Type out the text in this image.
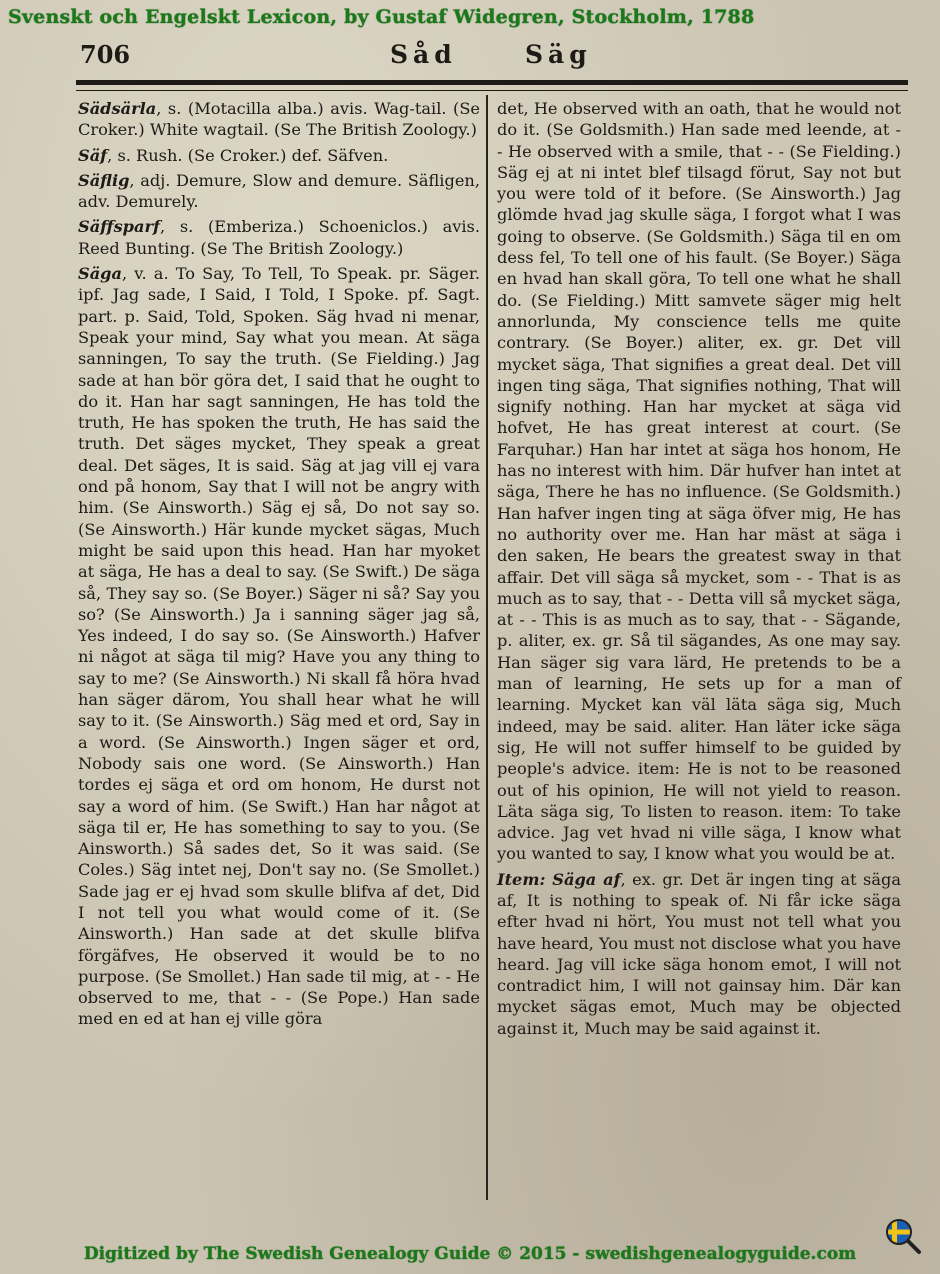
Svenskt och Engelskt Lexicon, by Gustaf Widegren, Stockholm, 1788
706	Såd	Säg

Sädsärla, s. (Motacilla alba.) avis. Wag-tail. (Se Croker.) White wagtail. (Se The British Zoology.)

Säf, s. Rush. (Se Croker.) def. Säfven.

Säflig, adj. Demure, Slow and demure. Säfligen, adv. Demurely.

Säffsparf, s. (Emberiza.) Schoeniclos.) avis. Reed Bunting. (Se The British Zoology.)

Säga, v. a. To Say, To Tell, To Speak. pr. Säger. ipf. Jag sade, I Said, I Told, I Spoke. pf. Sagt. part. p. Said, Told, Spoken. Säg hvad ni menar, Speak your mind, Say what you mean. At säga sanningen, To say the truth. (Se Fielding.) Jag sade at han bör göra det, I said that he ought to do it. Han har sagt sanningen, He has told the truth, He has spoken the truth, He has said the truth. Det säges mycket, They speak a great deal. Det säges, It is said. Säg at jag vill ej vara ond på honom, Say that I will not be angry with him. (Se Ainsworth.) Säg ej så, Do not say so. (Se Ainsworth.) Här kunde mycket sägas, Much might be said upon this head. Han har myoket at säga, He has a deal to say. (Se Swift.) De säga så, They say so. (Se Boyer.) Säger ni så? Say you so? (Se Ainsworth.) Ja i sanning säger jag så, Yes indeed, I do say so. (Se Ainsworth.) Hafver ni något at säga til mig? Have you any thing to say to me? (Se Ainsworth.) Ni skall få höra hvad han säger därom, You shall hear what he will say to it. (Se Ainsworth.) Säg med et ord, Say in a word. (Se Ainsworth.) Ingen säger et ord, Nobody sais one word. (Se Ainsworth.) Han tordes ej säga et ord om honom, He durst not say a word of him. (Se Swift.) Han har något at säga til er, He has something to say to you. (Se Ainsworth.) Så sades det, So it was said. (Se Coles.) Säg intet nej, Don't say no. (Se Smollet.) Sade jag er ej hvad som skulle blifva af det, Did I not tell you what would come of it. (Se Ainsworth.) Han sade at det skulle blifva förgäfves, He observed it would be to no purpose. (Se Smollet.) Han sade til mig, at - - He observed to me, that - - (Se Pope.) Han sade med en ed at han ej ville göra

det, He observed with an oath, that he would not do it. (Se Goldsmith.) Han sade med leende, at - - He observed with a smile, that - - (Se Fielding.) Säg ej at ni intet blef tilsagd förut, Say not but you were told of it before. (Se Ainsworth.) Jag glömde hvad jag skulle säga, I forgot what I was going to observe. (Se Goldsmith.) Säga til en om dess fel, To tell one of his fault. (Se Boyer.) Säga en hvad han skall göra, To tell one what he shall do. (Se Fielding.) Mitt samvete säger mig helt annorlunda, My conscience tells me quite contrary. (Se Boyer.) aliter, ex. gr. Det vill mycket säga, That signifies a great deal. Det vill ingen ting säga, That signifies nothing, That will signify nothing. Han har mycket at säga vid hofvet, He has great interest at court. (Se Farquhar.) Han har intet at säga hos honom, He has no interest with him. Där hufver han intet at säga, There he has no influence. (Se Goldsmith.) Han hafver ingen ting at säga öfver mig, He has no authority over me. Han har mäst at säga i den saken, He bears the greatest sway in that affair. Det vill säga så mycket, som - - That is as much as to say, that - - Detta vill så mycket säga, at - - This is as much as to say, that - - Sägande, p. aliter, ex. gr. Så til sägandes, As one may say. Han säger sig vara lärd, He pretends to be a man of learning, He sets up for a man of learning. Mycket kan väl läta säga sig, Much indeed, may be said. aliter. Han läter icke säga sig, He will not suffer himself to be guided by people's advice. item: He is not to be reasoned out of his opinion, He will not yield to reason. Läta säga sig, To listen to reason. item: To take advice. Jag vet hvad ni ville säga, I know what you wanted to say, I know what you would be at.

Item: Säga af, ex. gr. Det är ingen ting at säga af, It is nothing to speak of. Ni får icke säga efter hvad ni hört, You must not tell what you have heard, You must not disclose what you have heard. Jag vill icke säga honom emot, I will not contradict him, I will not gainsay him. Där kan mycket sägas emot, Much may be objected against it, Much may be said against it.

Digitized by The Swedish Genealogy Guide © 2015 - swedishgenealogyguide.com
